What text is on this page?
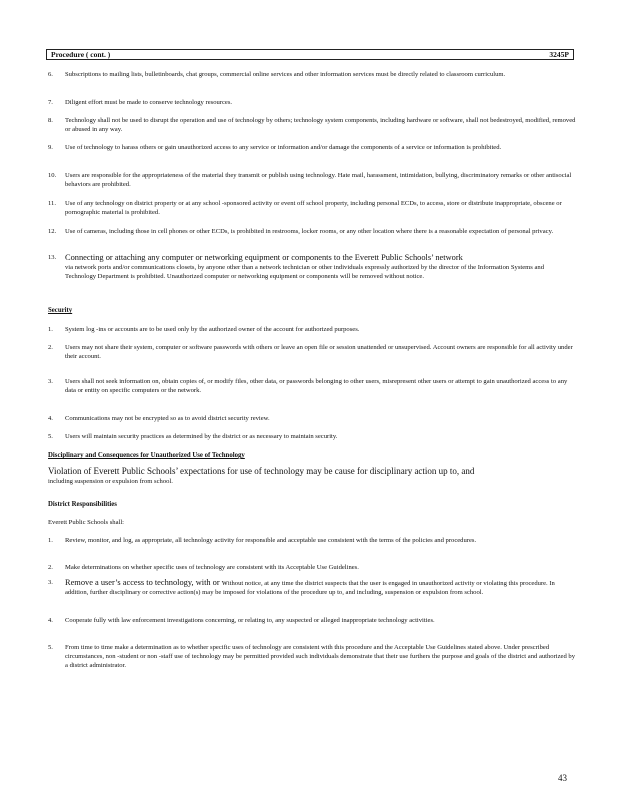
Procedure ( cont. )	3245P
6. Subscriptions to mailing lists, bulletinboards, chat groups, commercial online services and other information services must be directly related to classroom curriculum.
7. Diligent effort must be made to conserve technology resources.
8. Technology shall not be used to disrupt the operation and use of technology by others; technology system components, including hardware or software, shall not bedestroyed, modified, removed or abused in any way.
9. Use of technology to harass others or gain unauthorized access to any service or information and/or damage the components of a service or information is prohibited.
10. Users are responsible for the appropriateness of the material they transmit or publish using technology. Hate mail, harassment, intimidation, bullying, discriminatory remarks or other antisocial behaviors are prohibited.
11. Use of any technology on district property or at any school -sponsored activity or event off school property, including personal ECDs, to access, store or distribute inappropriate, obscene or pornographic material is prohibited.
12. Use of cameras, including those in cell phones or other ECDs, is prohibited in restrooms, locker rooms, or any other location where there is a reasonable expectation of personal privacy.
13. Connecting or attaching any computer or networking equipment or components to the Everett Public Schools’ network
via network ports and/or communications closets, by anyone other than a network technician or other individuals expressly authorized by the director of the Information Systems and Technology Department is prohibited. Unauthorized computer or networking equipment or components will be removed without notice.
Security
1. System log -ins or accounts are to be used only by the authorized owner of the account for authorized purposes.
2. Users may not share their system, computer or software passwords with others or leave an open file or session unattended or unsupervised. Account owners are responsible for all activity under their account.
3. Users shall not seek information on, obtain copies of, or modify files, other data, or passwords belonging to other users, misrepresent other users or attempt to gain unauthorized access to any data or entity on specific computers or the network.
4. Communications may not be encrypted so as to avoid district security review.
5. Users will maintain security practices as determined by the district or as necessary to maintain security.
Disciplinary and Consequences for Unauthorized Use of Technology
Violation of Everett Public Schools’ expectations for use of technology may be cause for disciplinary action up to, and
including suspension or expulsion from school.
District Responsibilities
Everett Public Schools shall:
1. Review, monitor, and log, as appropriate, all technology activity for responsible and acceptable use consistent with the terms of the policies and procedures.
2. Make determinations on whether specific uses of technology are consistent with its Acceptable Use Guidelines.
3. Remove a user’s access to technology, with or without notice, at any time the district suspects that the user is engaged in unauthorized activity or violating this procedure. In addition, further disciplinary or corrective action(s) may be imposed for violations of the procedure up to, and including, suspension or expulsion from school.
4. Cooperate fully with law enforcement investigations concerning, or relating to, any suspected or alleged inappropriate technology activities.
5. From time to time make a determination as to whether specific uses of technology are consistent with this procedure and the Acceptable Use Guidelines stated above. Under prescribed circumstances, non -student or non -staff use of technology may be permitted provided such individuals demonstrate that their use furthers the purpose and goals of the district and authorized by a district administrator.
43
